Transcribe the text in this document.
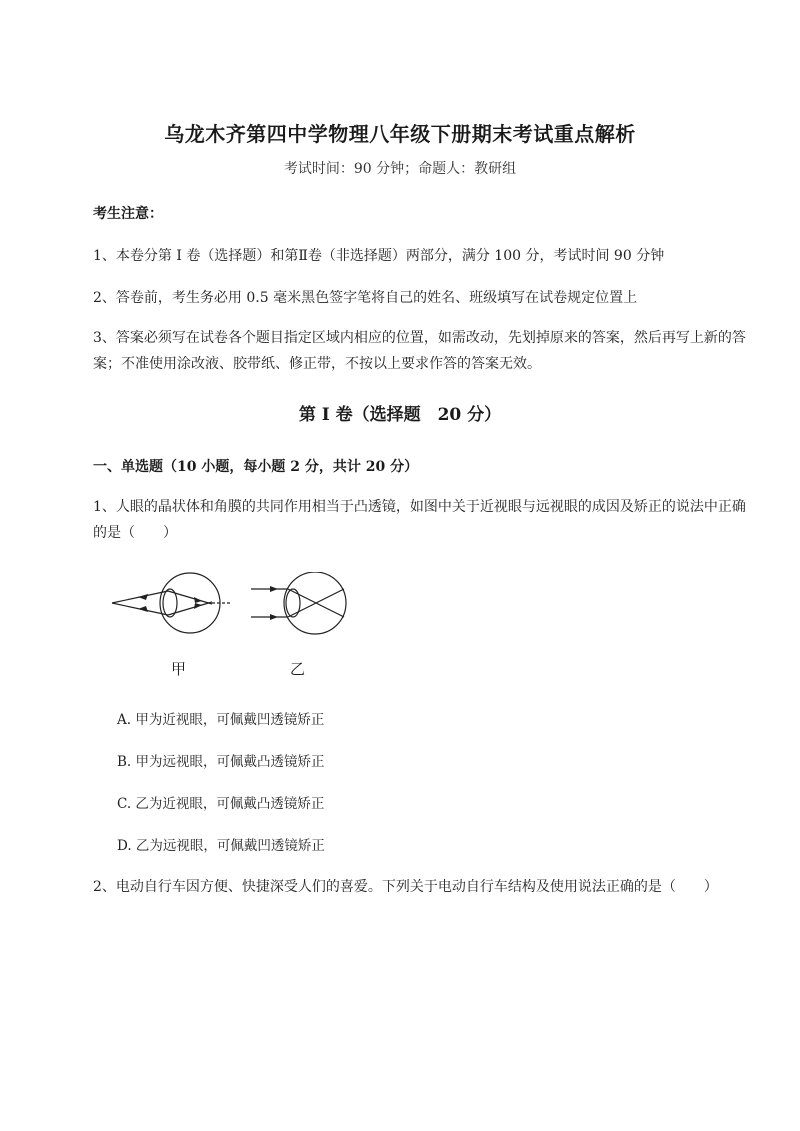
乌龙木齐第四中学物理八年级下册期末考试重点解析
考试时间：90 分钟；命题人：教研组
考生注意：
1、本卷分第 I 卷（选择题）和第Ⅱ卷（非选择题）两部分，满分 100 分，考试时间 90 分钟
2、答卷前，考生务必用 0.5 毫米黑色签字笔将自己的姓名、班级填写在试卷规定位置上
3、答案必须写在试卷各个题目指定区域内相应的位置，如需改动，先划掉原来的答案，然后再写上新的答案；不准使用涂改液、胶带纸、修正带，不按以上要求作答的答案无效。
第 I 卷（选择题　20 分）
一、单选题（10 小题，每小题 2 分，共计 20 分）
1、人眼的晶状体和角膜的共同作用相当于凸透镜，如图中关于近视眼与远视眼的成因及矫正的说法中正确的是（　　）
甲	乙
A. 甲为近视眼，可佩戴凹透镜矫正
B. 甲为远视眼，可佩戴凸透镜矫正
C. 乙为近视眼，可佩戴凸透镜矫正
D. 乙为远视眼，可佩戴凹透镜矫正
2、电动自行车因方便、快捷深受人们的喜爱。下列关于电动自行车结构及使用说法正确的是（　　）
